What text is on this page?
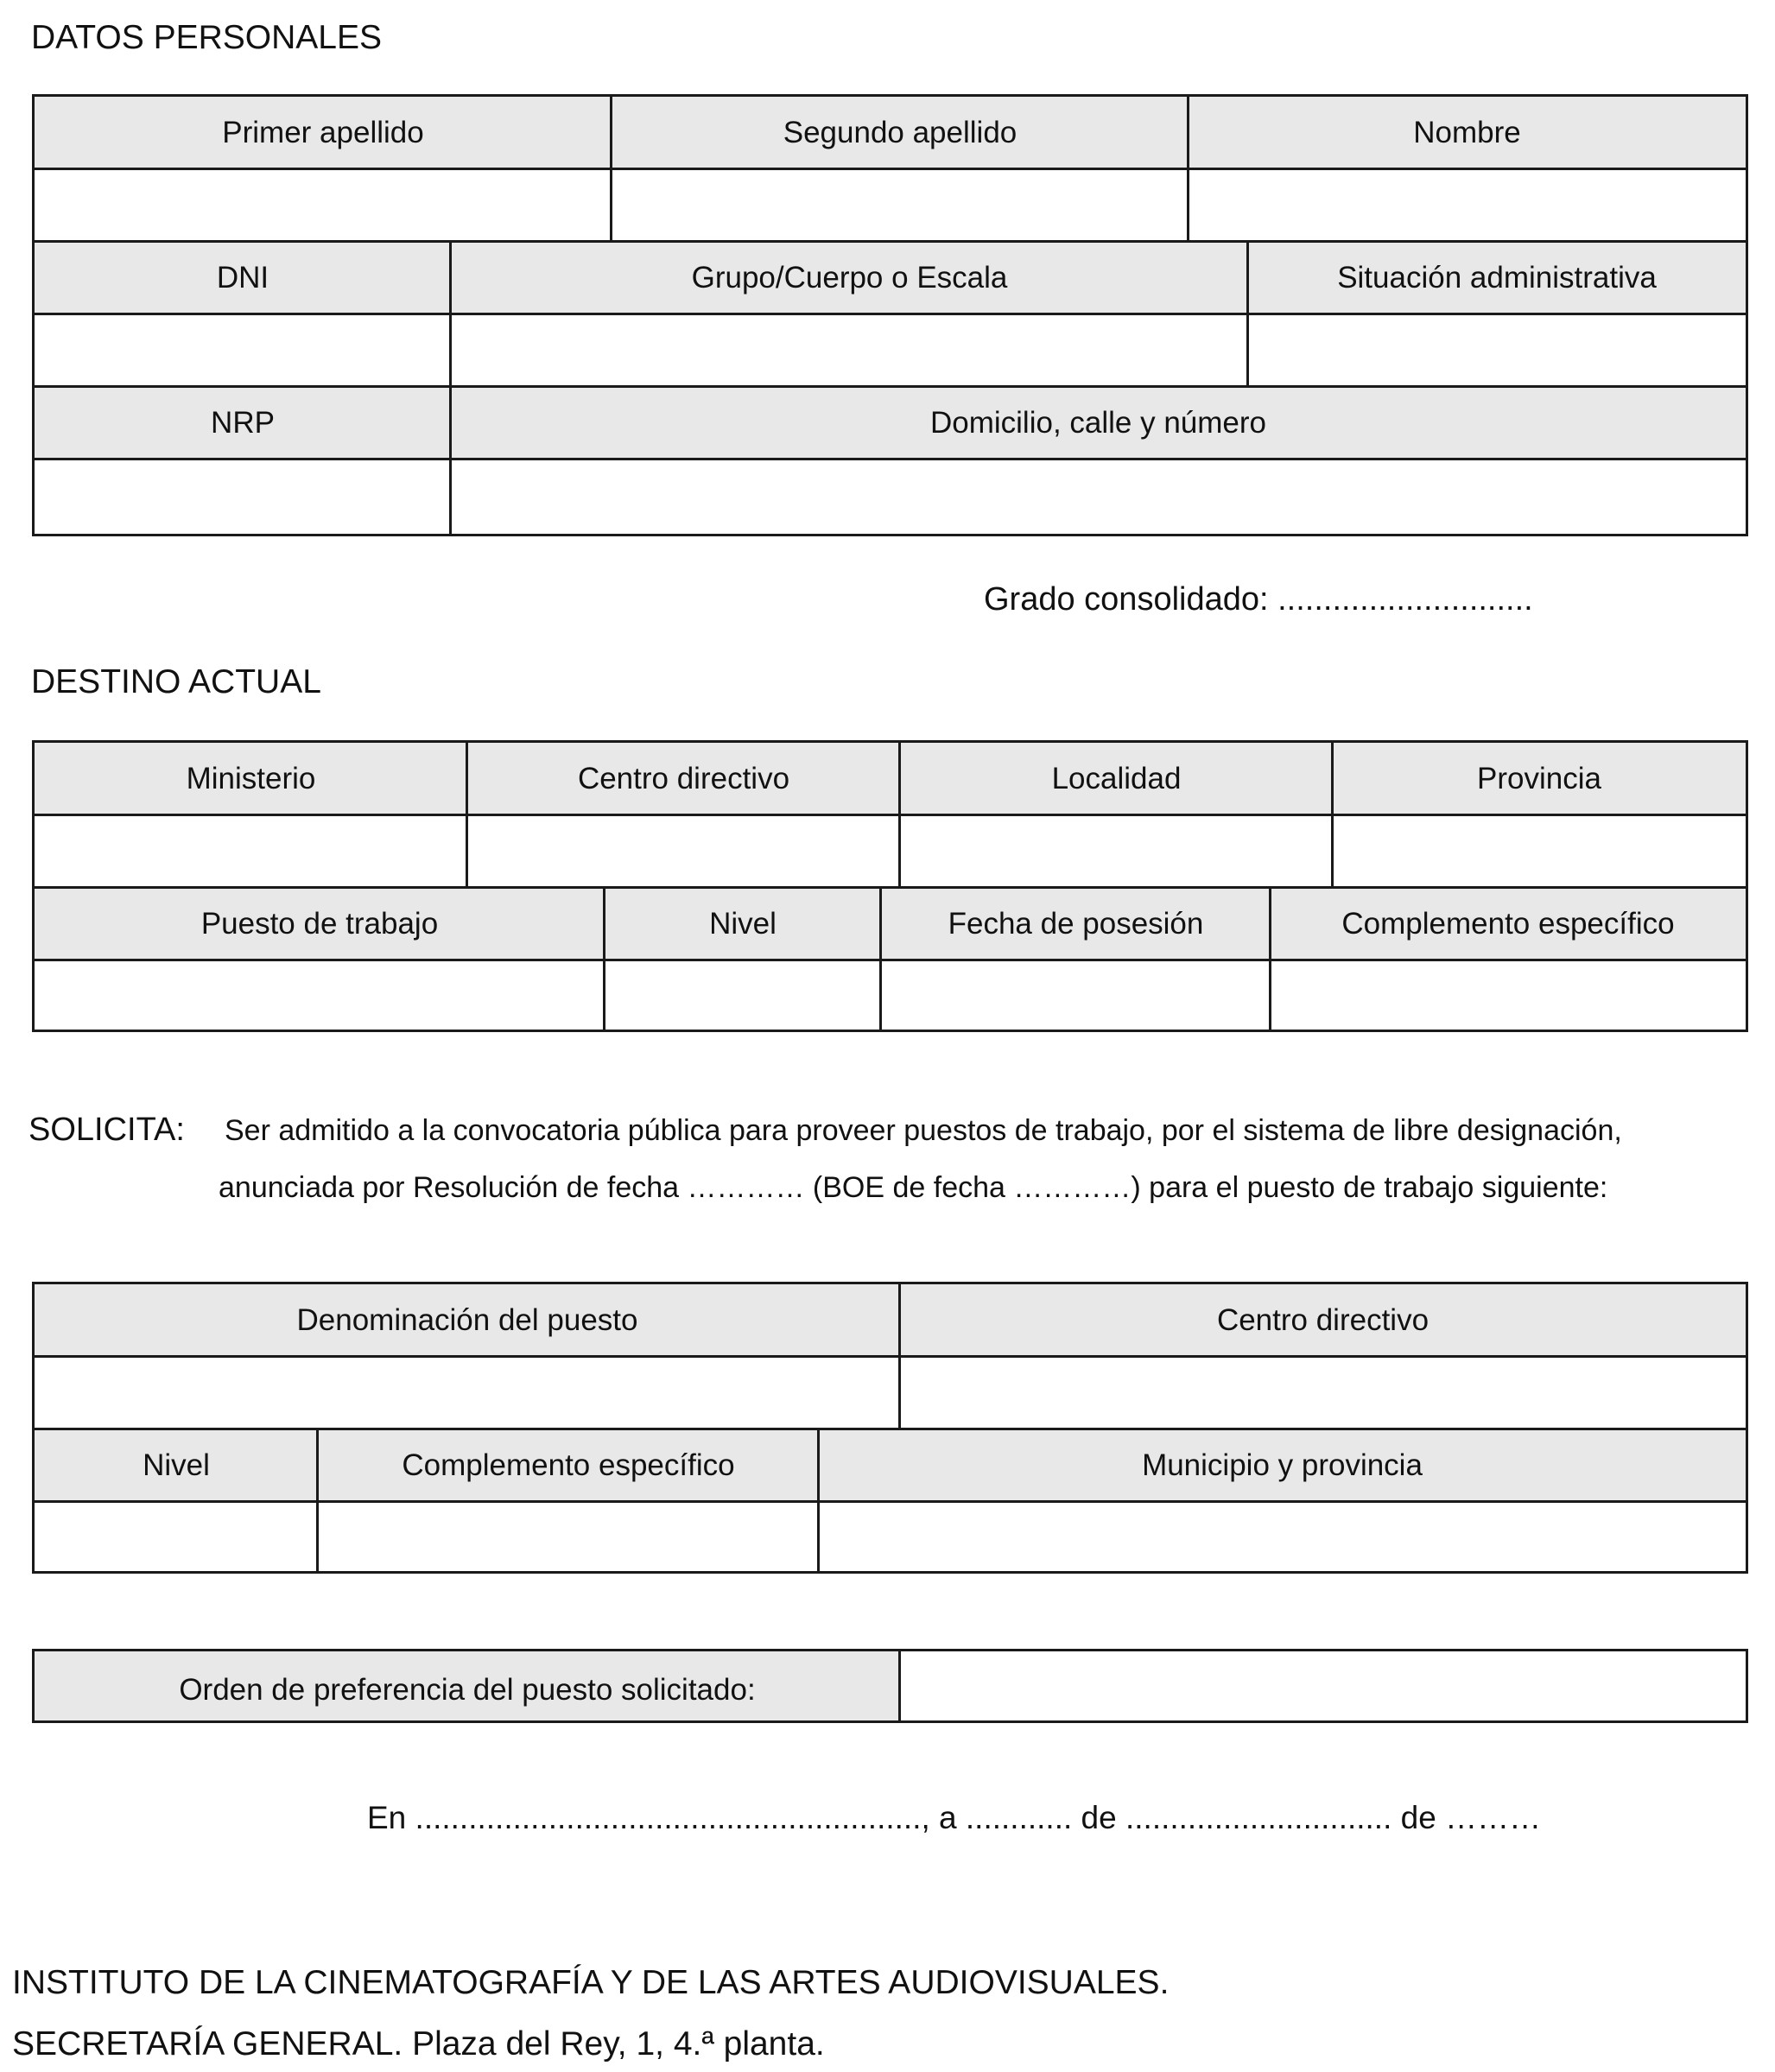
DATOS PERSONALES
Primer apellido	Segundo apellido	Nombre
DNI	Grupo/Cuerpo o Escala	Situación administrativa
NRP	Domicilio, calle y número
Grado consolidado: ............................
DESTINO ACTUAL
Ministerio	Centro directivo	Localidad	Provincia
Puesto de trabajo	Nivel	Fecha de posesión	Complemento específico
SOLICITA: Ser admitido a la convocatoria pública para proveer puestos de trabajo, por el sistema de libre designación,
anunciada por Resolución de fecha ………… (BOE de fecha …………) para el puesto de trabajo siguiente:
Denominación del puesto	Centro directivo
Nivel	Complemento específico	Municipio y provincia
Orden de preferencia del puesto solicitado:
En ........................................................., a ............ de .............................. de ………
INSTITUTO DE LA CINEMATOGRAFÍA Y DE LAS ARTES AUDIOVISUALES.
SECRETARÍA GENERAL. Plaza del Rey, 1, 4.ª planta.
